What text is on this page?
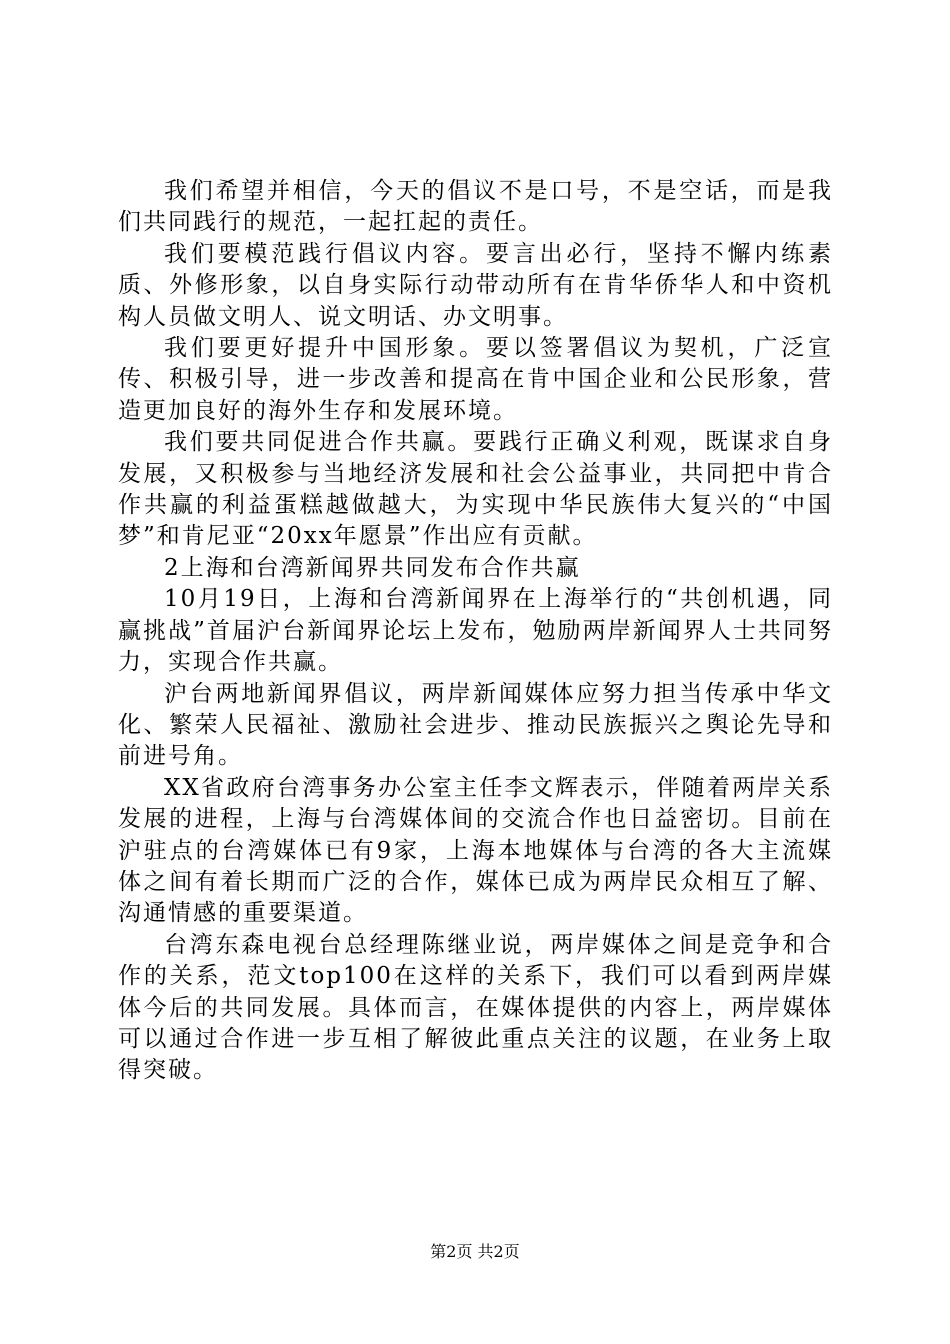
我们希望并相信，今天的倡议不是口号，不是空话，而是我们共同践行的规范，一起扛起的责任。

我们要模范践行倡议内容。要言出必行，坚持不懈内练素质、外修形象，以自身实际行动带动所有在肯华侨华人和中资机构人员做文明人、说文明话、办文明事。

我们要更好提升中国形象。要以签署倡议为契机，广泛宣传、积极引导，进一步改善和提高在肯中国企业和公民形象，营造更加良好的海外生存和发展环境。

我们要共同促进合作共赢。要践行正确义利观，既谋求自身发展，又积极参与当地经济发展和社会公益事业，共同把中肯合作共赢的利益蛋糕越做越大，为实现中华民族伟大复兴的“中国梦”和肯尼亚“20xx年愿景”作出应有贡献。

2上海和台湾新闻界共同发布合作共赢

10月19日，上海和台湾新闻界在上海举行的“共创机遇，同赢挑战”首届沪台新闻界论坛上发布，勉励两岸新闻界人士共同努力，实现合作共赢。

沪台两地新闻界倡议，两岸新闻媒体应努力担当传承中华文化、繁荣人民福祉、激励社会进步、推动民族振兴之舆论先导和前进号角。

XX省政府台湾事务办公室主任李文辉表示，伴随着两岸关系发展的进程，上海与台湾媒体间的交流合作也日益密切。目前在沪驻点的台湾媒体已有9家，上海本地媒体与台湾的各大主流媒体之间有着长期而广泛的合作，媒体已成为两岸民众相互了解、沟通情感的重要渠道。

台湾东森电视台总经理陈继业说，两岸媒体之间是竞争和合作的关系，范文top100在这样的关系下，我们可以看到两岸媒体今后的共同发展。具体而言，在媒体提供的内容上，两岸媒体可以通过合作进一步互相了解彼此重点关注的议题，在业务上取得突破。

第2页 共2页
